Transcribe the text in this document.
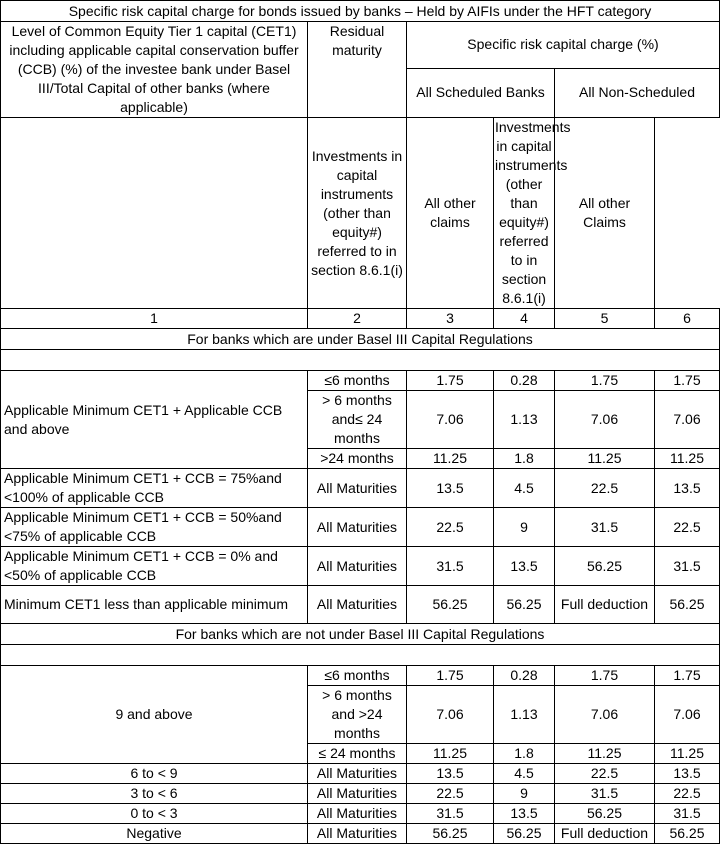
Specific risk capital charge for bonds issued by banks – Held by AIFIs under the HFT category					
Level of Common Equity Tier 1 capital (CET1) including applicable capital conservation buffer (CCB) (%) of the investee bank under Basel III/Total Capital of other banks (where applicable)	Residual maturity	Specific risk capital charge (%)			
		All Scheduled Banks		All Non-Scheduled	
	Investments in capital instruments (other than equity#) referred to in section 8.6.1(i)	All other claims	Investments in capital instruments (other than equity#) referred to in section 8.6.1(i)	All other Claims	
1	2	3	4	5	6
For banks which are under Basel III Capital Regulations					

Applicable Minimum CET1 + Applicable CCB and above	≤6 months	1.75	0.28	1.75	1.75
	> 6 months and≤ 24 months	7.06	1.13	7.06	7.06
	>24 months	11.25	1.8	11.25	11.25
Applicable Minimum CET1 + CCB = 75%and <100% of applicable CCB	All Maturities	13.5	4.5	22.5	13.5
Applicable Minimum CET1 + CCB = 50%and <75% of applicable CCB	All Maturities	22.5	9	31.5	22.5
Applicable Minimum CET1 + CCB = 0% and <50% of applicable CCB	All Maturities	31.5	13.5	56.25	31.5
Minimum CET1 less than applicable minimum	All Maturities	56.25	56.25	Full deduction	56.25
For banks which are not under Basel III Capital Regulations					

9 and above	≤6 months	1.75	0.28	1.75	1.75
	> 6 months and >24 months	7.06	1.13	7.06	7.06
	≤ 24 months	11.25	1.8	11.25	11.25
6 to < 9	All Maturities	13.5	4.5	22.5	13.5
3 to < 6	All Maturities	22.5	9	31.5	22.5
0 to < 3	All Maturities	31.5	13.5	56.25	31.5
Negative	All Maturities	56.25	56.25	Full deduction	56.25
